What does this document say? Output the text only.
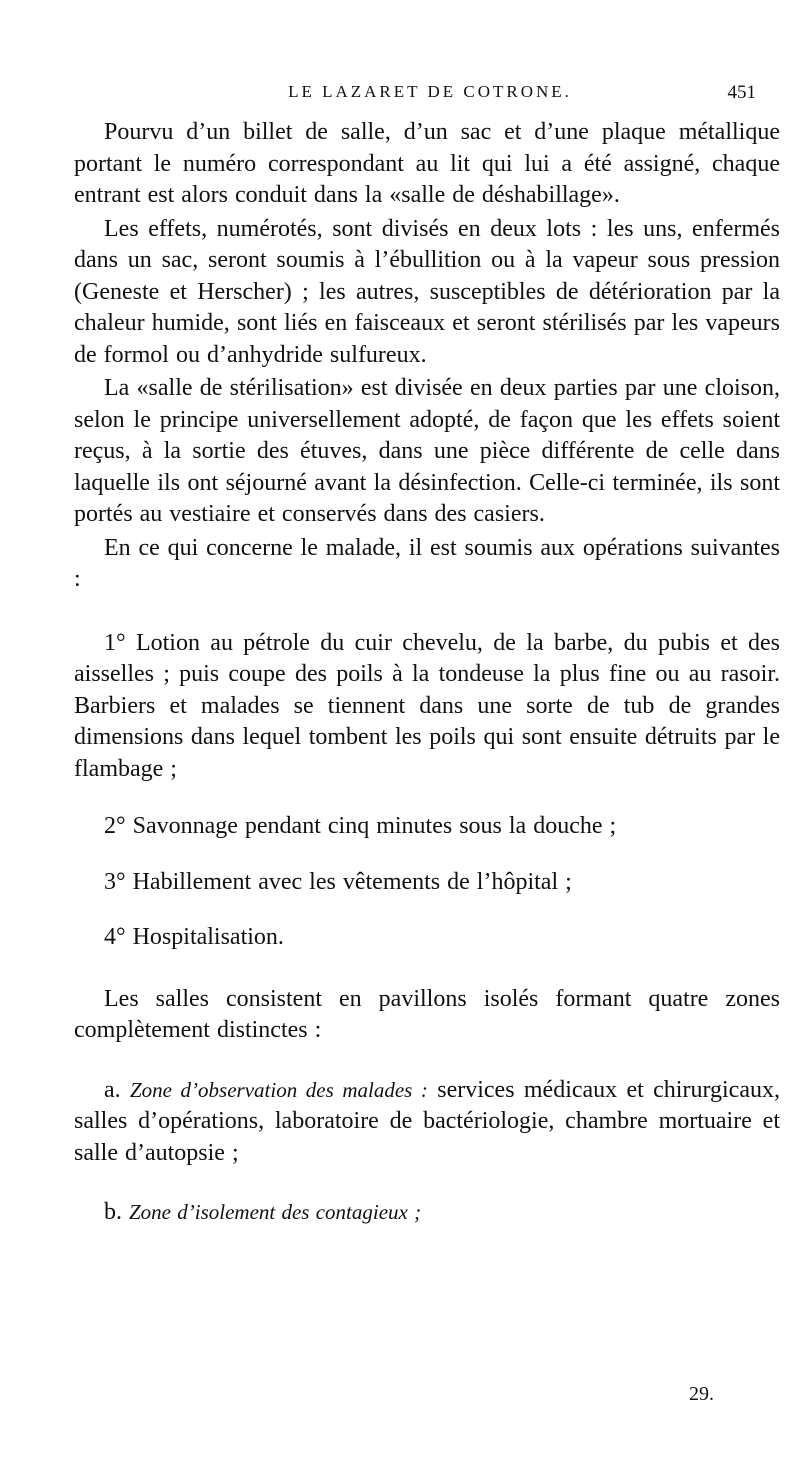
LE LAZARET DE COTRONE.	451

Pourvu d’un billet de salle, d’un sac et d’une plaque métallique portant le numéro correspondant au lit qui lui a été assigné, chaque entrant est alors conduit dans la «salle de déshabillage».

Les effets, numérotés, sont divisés en deux lots : les uns, enfermés dans un sac, seront soumis à l’ébullition ou à la vapeur sous pression (Geneste et Herscher) ; les autres, susceptibles de détérioration par la chaleur humide, sont liés en faisceaux et seront stérilisés par les vapeurs de formol ou d’anhydride sulfureux.

La «salle de stérilisation» est divisée en deux parties par une cloison, selon le principe universellement adopté, de façon que les effets soient reçus, à la sortie des étuves, dans une pièce différente de celle dans laquelle ils ont séjourné avant la désinfection. Celle-ci terminée, ils sont portés au vestiaire et conservés dans des casiers.

En ce qui concerne le malade, il est soumis aux opérations suivantes :

1° Lotion au pétrole du cuir chevelu, de la barbe, du pubis et des aisselles ; puis coupe des poils à la tondeuse la plus fine ou au rasoir. Barbiers et malades se tiennent dans une sorte de tub de grandes dimensions dans lequel tombent les poils qui sont ensuite détruits par le flambage ;

2° Savonnage pendant cinq minutes sous la douche ;

3° Habillement avec les vêtements de l’hôpital ;

4° Hospitalisation.

Les salles consistent en pavillons isolés formant quatre zones complètement distinctes :

a. Zone d’observation des malades : services médicaux et chirurgicaux, salles d’opérations, laboratoire de bactériologie, chambre mortuaire et salle d’autopsie ;

b. Zone d’isolement des contagieux ;

29.
